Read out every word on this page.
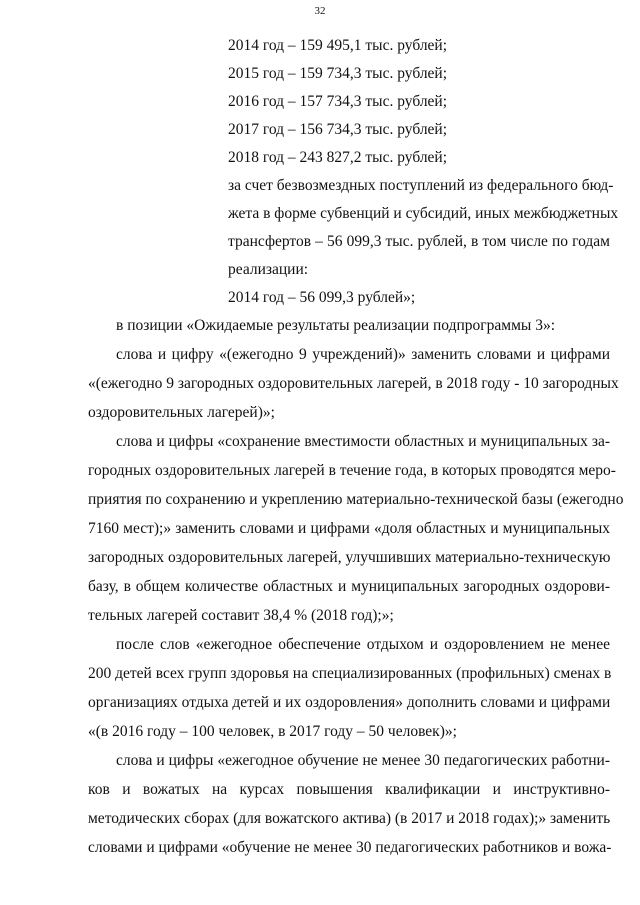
32
2014 год – 159 495,1 тыс. рублей;
2015 год – 159 734,3 тыс. рублей;
2016 год – 157 734,3 тыс. рублей;
2017 год – 156 734,3 тыс. рублей;
2018 год – 243 827,2 тыс. рублей;
за счет безвозмездных поступлений из федерального бюд-
жета в форме субвенций и субсидий, иных межбюджетных
трансфертов – 56 099,3 тыс. рублей, в том числе по годам
реализации:
2014 год – 56 099,3 рублей»;
в позиции «Ожидаемые результаты реализации подпрограммы 3»:
слова и цифру «(ежегодно 9 учреждений)» заменить словами и цифрами
«(ежегодно 9 загородных оздоровительных лагерей, в 2018 году - 10 загородных
оздоровительных лагерей)»;
слова и цифры «сохранение вместимости областных и муниципальных за-
городных оздоровительных лагерей в течение года, в которых проводятся меро-
приятия по сохранению и укреплению материально-технической базы (ежегодно
7160 мест);» заменить словами и цифрами «доля областных и муниципальных
загородных оздоровительных лагерей, улучшивших материально-техническую
базу, в общем количестве областных и муниципальных загородных оздорови-
тельных лагерей составит 38,4 % (2018 год);»;
после слов «ежегодное обеспечение отдыхом и оздоровлением не менее
200 детей всех групп здоровья на специализированных (профильных) сменах в
организациях отдыха детей и их оздоровления» дополнить словами и цифрами
«(в 2016 году – 100 человек, в 2017 году – 50 человек)»;
слова и цифры «ежегодное обучение не менее 30 педагогических работни-
ков и вожатых на курсах повышения квалификации и инструктивно-
методических сборах (для вожатского актива) (в 2017 и 2018 годах);» заменить
словами и цифрами «обучение не менее 30 педагогических работников и вожа-
